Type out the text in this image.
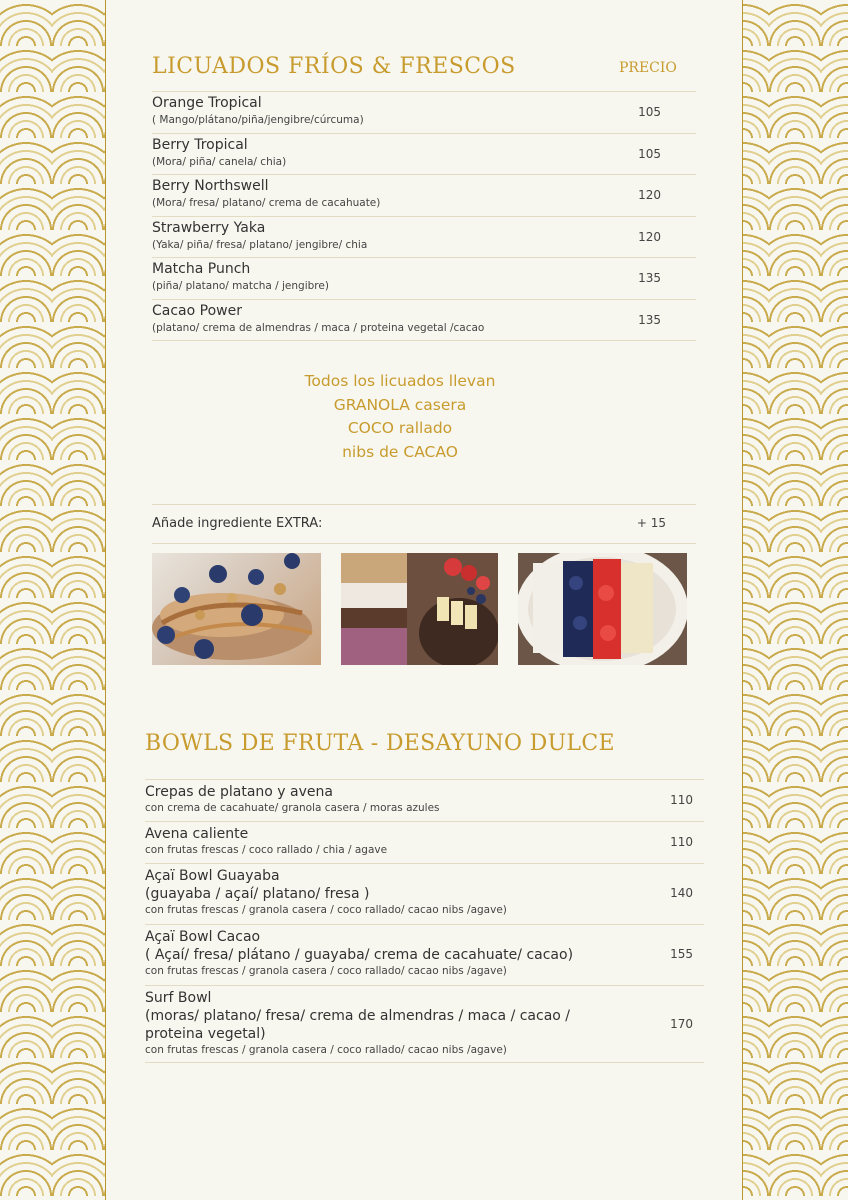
LICUADOS FRÍOS & FRESCOS	PRECIO
Orange Tropical
( Mango/plátano/piña/jengibre/cúrcuma)
105
Berry Tropical
(Mora/ piña/ canela/ chia)
105
Berry Northswell
(Mora/ fresa/ platano/ crema de cacahuate)
120
Strawberry Yaka
(Yaka/ piña/ fresa/ platano/ jengibre/ chia
120
Matcha Punch
(piña/ platano/ matcha / jengibre)
135
Cacao Power
(platano/ crema de almendras / maca / proteina vegetal /cacao
135
Todos los licuados llevan
GRANOLA casera
COCO rallado
nibs de CACAO
Añade ingrediente EXTRA:	+ 15
BOWLS DE FRUTA - DESAYUNO DULCE
Crepas de platano y avena
con crema de cacahuate/ granola casera / moras azules
110
Avena caliente
con frutas frescas / coco rallado / chia / agave
110
Açaï Bowl Guayaba
(guayaba / açaí/ platano/ fresa )
con frutas frescas / granola casera / coco rallado/ cacao nibs /agave)
140
Açaï Bowl Cacao
( Açaí/ fresa/ plátano / guayaba/ crema de cacahuate/ cacao)
con frutas frescas / granola casera / coco rallado/ cacao nibs /agave)
155
Surf Bowl
(moras/ platano/ fresa/ crema de almendras / maca / cacao / proteina vegetal)
con frutas frescas / granola casera / coco rallado/ cacao nibs /agave)
170
